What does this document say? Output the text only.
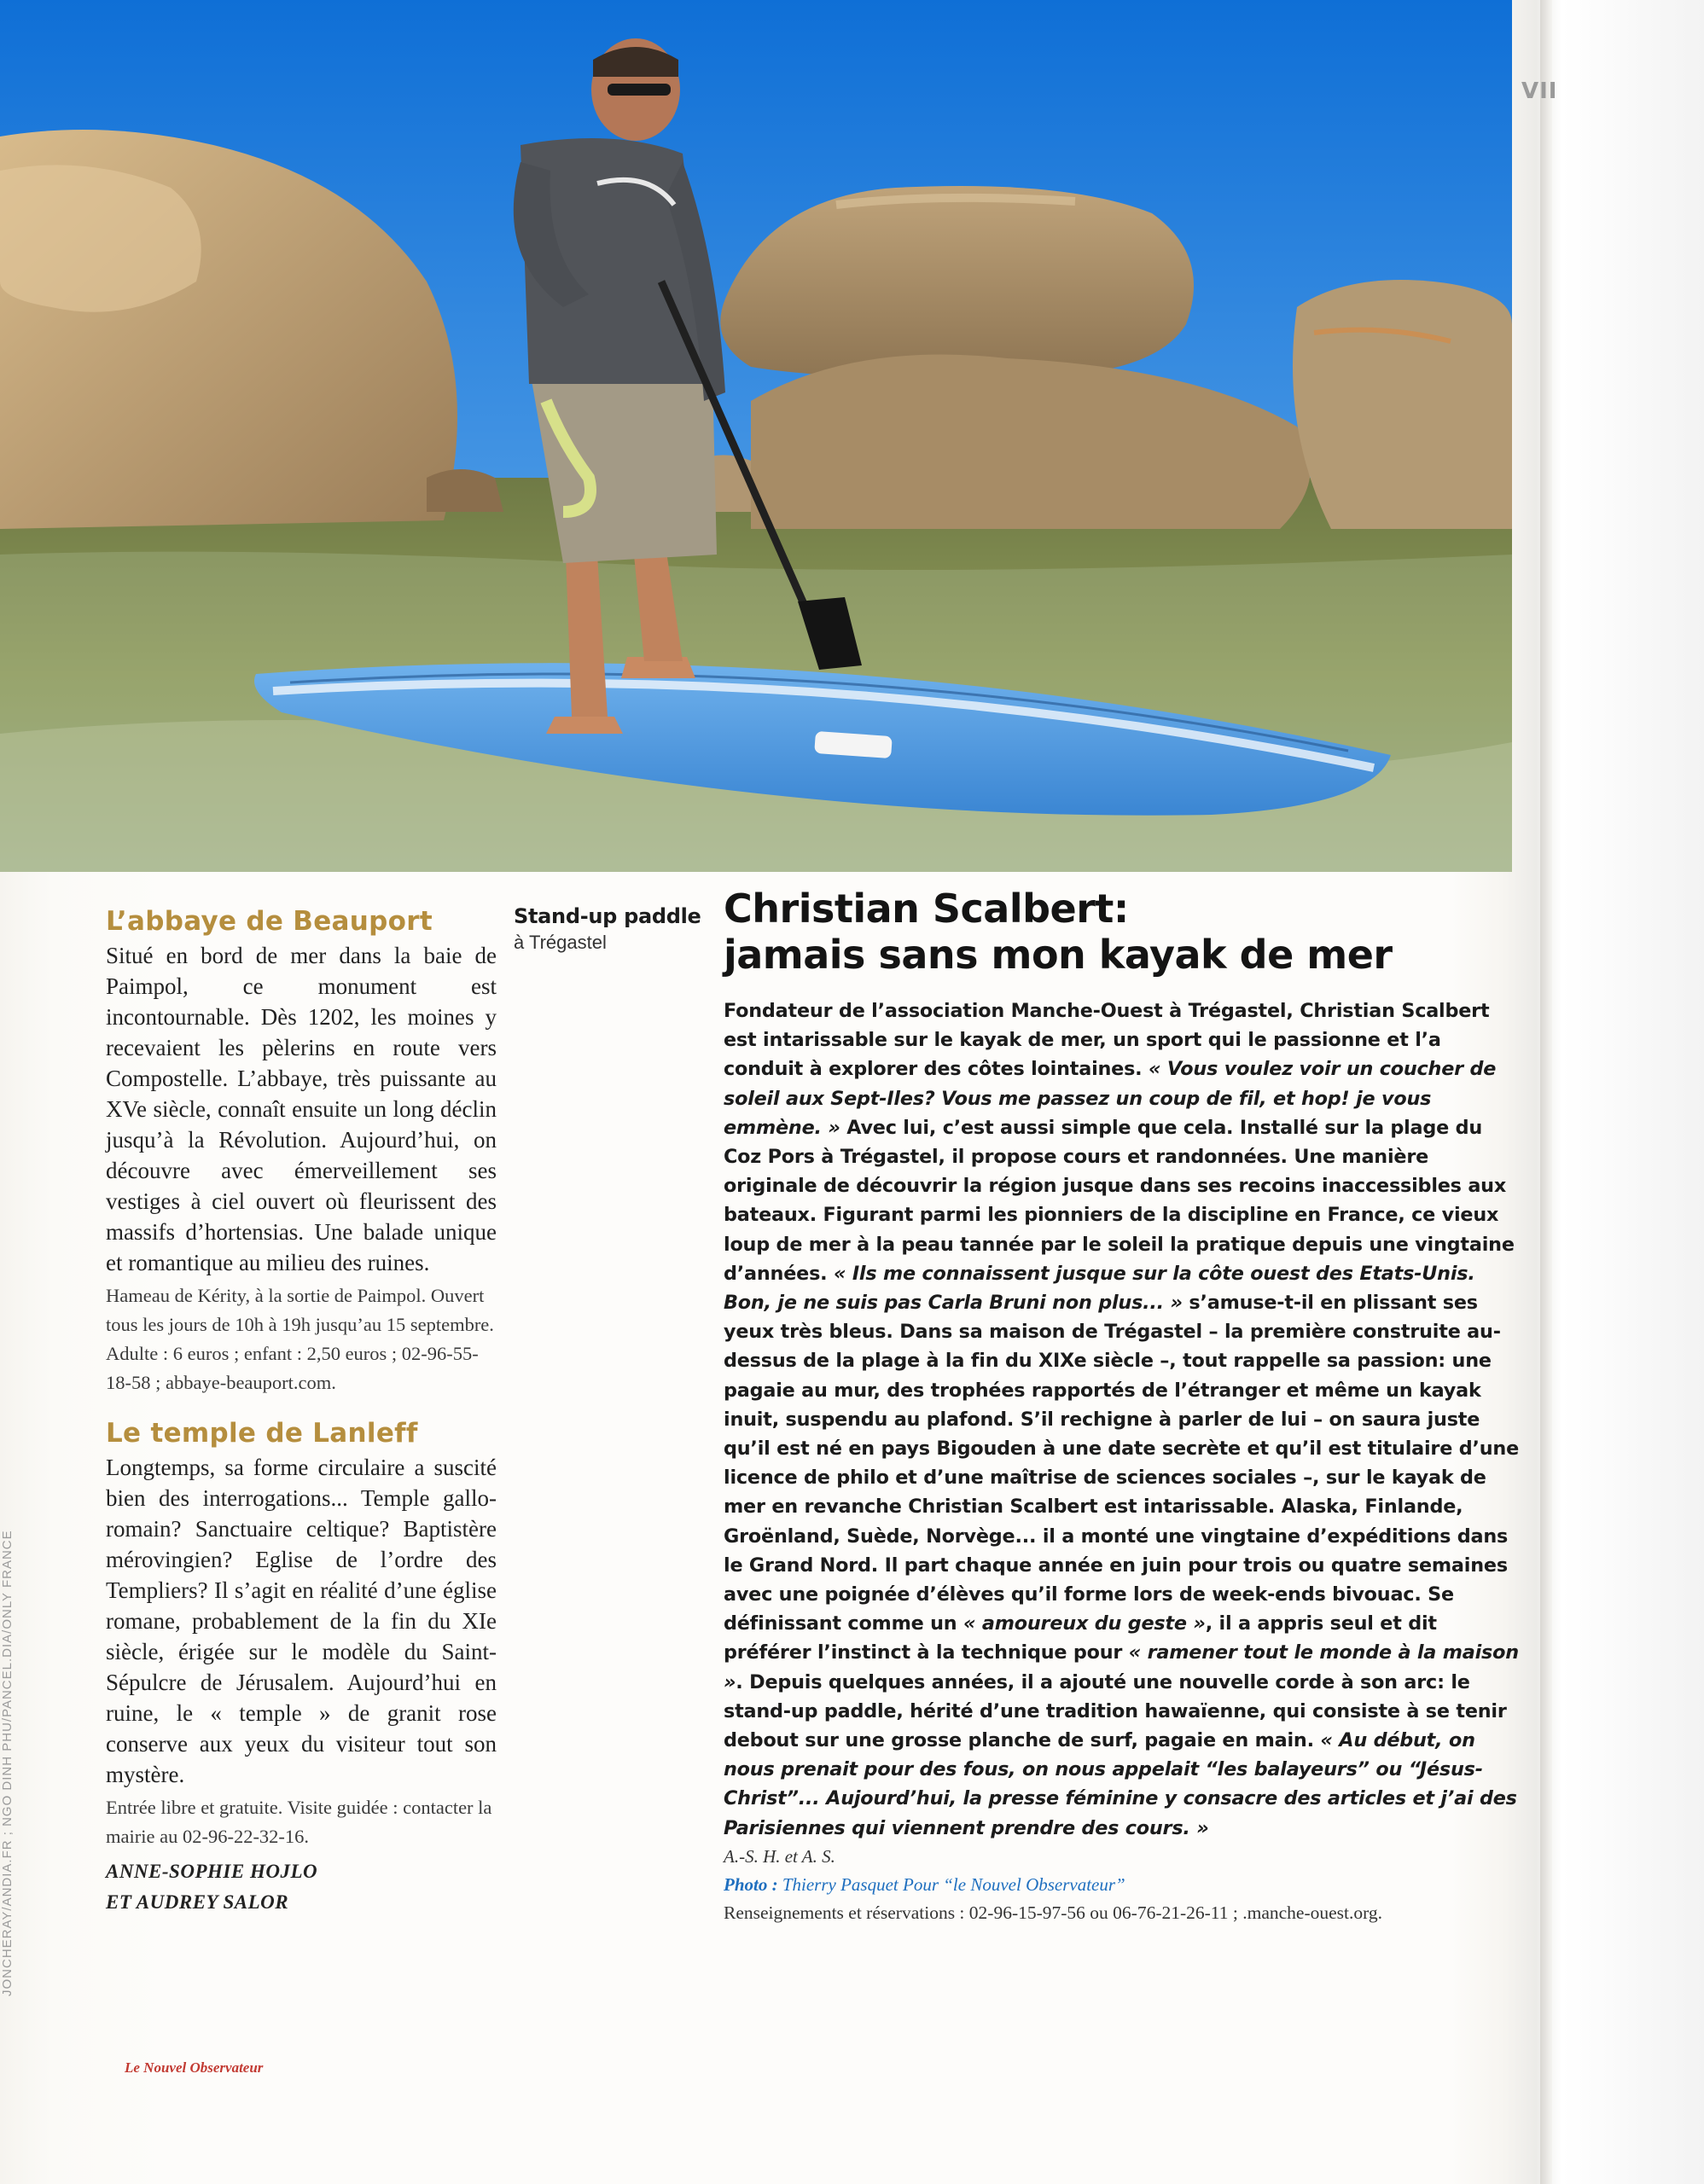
VII
JONCHERAY/ANDIA.FR ; NGO DINH PHU/PANCEL.DIA/ONLY FRANCE
L’abbaye de Beauport

Situé en bord de mer dans la baie de Paimpol, ce monument est incontournable. Dès 1202, les moines y recevaient les pèlerins en route vers Compostelle. L’abbaye, très puissante au XVe siècle, connaît ensuite un long déclin jusqu’à la Révolution. Aujourd’hui, on découvre avec émerveillement ses vestiges à ciel ouvert où fleurissent des massifs d’hortensias. Une balade unique et romantique au milieu des ruines.

Hameau de Kérity, à la sortie de Paimpol. Ouvert tous les jours de 10h à 19h jusqu’au 15 septembre. Adulte : 6 euros ; enfant : 2,50 euros ; 02-96-55-18-58 ; abbaye-beauport.com.

Le temple de Lanleff

Longtemps, sa forme circulaire a suscité bien des interrogations... Temple gallo-romain? Sanctuaire celtique? Baptistère mérovingien? Eglise de l’ordre des Templiers? Il s’agit en réalité d’une église romane, probablement de la fin du XIe siècle, érigée sur le modèle du Saint-Sépulcre de Jérusalem. Aujourd’hui en ruine, le « temple » de granit rose conserve aux yeux du visiteur tout son mystère.

Entrée libre et gratuite. Visite guidée : contacter la mairie au 02-96-22-32-16.

ANNE-SOPHIE HOJLO
ET AUDREY SALOR
Stand-up paddle
à Trégastel
Christian Scalbert:
jamais sans mon kayak de mer

Fondateur de l’association Manche-Ouest à Trégastel, Christian Scalbert est intarissable sur le kayak de mer, un sport qui le passionne et l’a conduit à explorer des côtes lointaines. « Vous voulez voir un coucher de soleil aux Sept-Iles? Vous me passez un coup de fil, et hop! je vous emmène. » Avec lui, c’est aussi simple que cela. Installé sur la plage du Coz Pors à Trégastel, il propose cours et randonnées. Une manière originale de découvrir la région jusque dans ses recoins inaccessibles aux bateaux. Figurant parmi les pionniers de la discipline en France, ce vieux loup de mer à la peau tannée par le soleil la pratique depuis une vingtaine d’années. « Ils me connaissent jusque sur la côte ouest des Etats-Unis. Bon, je ne suis pas Carla Bruni non plus... » s’amuse-t-il en plissant ses yeux très bleus. Dans sa maison de Trégastel – la première construite au-dessus de la plage à la fin du XIXe siècle –, tout rappelle sa passion: une pagaie au mur, des trophées rapportés de l’étranger et même un kayak inuit, suspendu au plafond. S’il rechigne à parler de lui – on saura juste qu’il est né en pays Bigouden à une date secrète et qu’il est titulaire d’une licence de philo et d’une maîtrise de sciences sociales –, sur le kayak de mer en revanche Christian Scalbert est intarissable. Alaska, Finlande, Groënland, Suède, Norvège... il a monté une vingtaine d’expéditions dans le Grand Nord. Il part chaque année en juin pour trois ou quatre semaines avec une poignée d’élèves qu’il forme lors de week-ends bivouac. Se définissant comme un « amoureux du geste », il a appris seul et dit préférer l’instinct à la technique pour « ramener tout le monde à la maison ». Depuis quelques années, il a ajouté une nouvelle corde à son arc: le stand-up paddle, hérité d’une tradition hawaïenne, qui consiste à se tenir debout sur une grosse planche de surf, pagaie en main. « Au début, on nous prenait pour des fous, on nous appelait “les balayeurs” ou “Jésus-Christ”... Aujourd’hui, la presse féminine y consacre des articles et j’ai des Parisiennes qui viennent prendre des cours. »

A.-S. H. et A. S.
Photo : Thierry Pasquet Pour “le Nouvel Observateur”
Renseignements et réservations : 02-96-15-97-56 ou 06-76-21-26-11 ; .manche-ouest.org.
Le Nouvel Observateur
